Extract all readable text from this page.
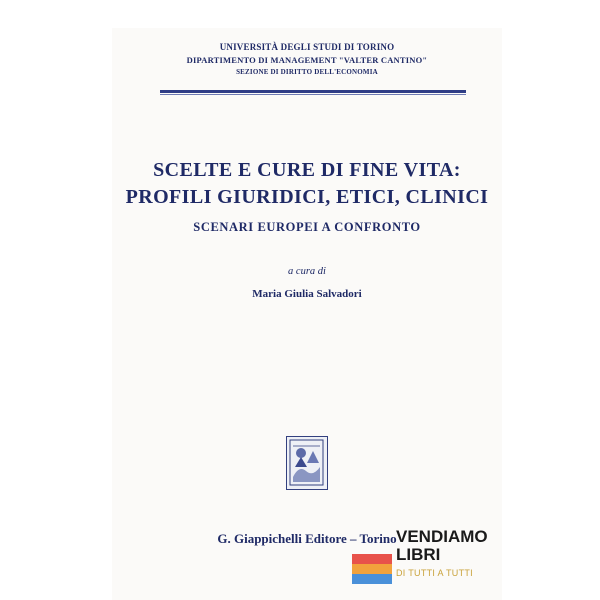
UNIVERSITÀ DEGLI STUDI DI TORINO
DIPARTIMENTO DI MANAGEMENT "VALTER CANTINO"
SEZIONE DI DIRITTO DELL'ECONOMIA
SCELTE E CURE DI FINE VITA:
PROFILI GIURIDICI, ETICI, CLINICI
SCENARI EUROPEI A CONFRONTO
a cura di
Maria Giulia Salvadori
G. Giappichelli Editore – Torino VENDIAMO
LIBRI
DI TUTTI A TUTTI
